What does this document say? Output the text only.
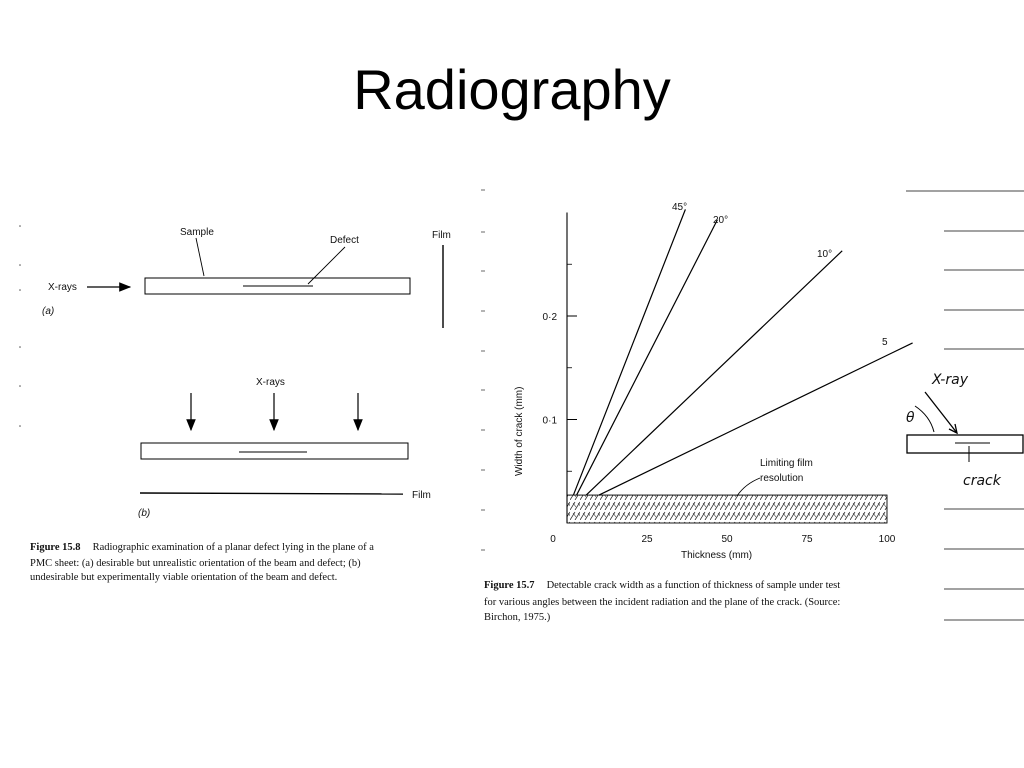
Radiography
Sample
Defect	Film
X-rays
(a)
X-rays
Film
(b)
Figure 15.8 Radiographic examination of a planar defect lying in the plane of a
PMC sheet: (a) desirable but unrealistic orientation of the beam and defect; (b)
undesirable but experimentally viable orientation of the beam and defect.
0·1
0·2
0	25	50	75	100
Thickness (mm)
Width of crack (mm)
45°
20°
10°
5
Limiting film
resolution
Figure 15.7 Detectable crack width as a function of thickness of sample under test
for various angles between the incident radiation and the plane of the crack. (Source:
Birchon, 1975.)
X-ray
θ
crack
